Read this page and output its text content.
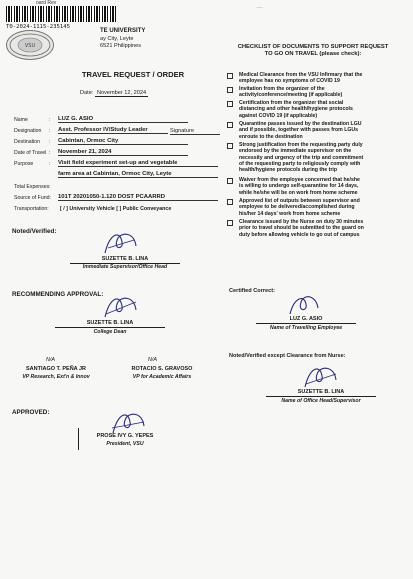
oard Rev
T0-2024-1115-235145
VSU
TE UNIVERSITY
ay City, Leyte
6521 Philippines
⌒
TRAVEL REQUEST / ORDER
Date: November 12, 2024
Name	: LUZ G. ASIO
Designation : Asst. Professor IV/Study Leader	Signature
Destination : Cabintan, Ormoc City
Date of Travel : November 21, 2024
Purpose	: Visit field experiment set-up and vegetable
farm area at Cabintan, Ormoc City, Leyte
Total Expenses:
Source of Fund: 101T 20201050-1.120 DOST PCAARRD
Transportation: [ / ] University Vehicle [ ] Public Conveyance
Noted/Verified:
SUZETTE B. LINA
Immediate Supervisor/Office Head
RECOMMENDING APPROVAL:
SUZETTE B. LINA
College Dean
N/A
SANTIAGO T. PEÑA JR
VP Research, Ext'n & Innov
N/A
ROTACIO S. GRAVOSO
VP for Academic Affairs
APPROVED:
PROSE IVY G. YEPES
President, VSU
CHECKLIST OF DOCUMENTS TO SUPPORT REQUEST
TO GO ON TRAVEL (please check):
Medical Clearance from the VSU Infirmary that the
employee has no symptoms of COVID 19
Invitation from the organizer of the
activity/conference/meeting (if applicable)
Certification from the organizer that social
distancing and other health/hygiene protocols
against COVID 19 (if applicable)
Quarantine passes issued by the destination LGU
and if possible, together with passes from LGUs
enroute to the destination
Strong justification from the requesting party duly
endorsed by the immediate supervisor on the
necessity and urgency of the trip and commitment
of the requesting party to religiously comply with
health/hygiene protocols during the trip
Waiver from the employee concerned that he/she
is willing to undergo self-quarantine for 14 days,
while he/she will be on work from home scheme
Approved list of outputs between supervisor and
employee to be delivered/accomplished during
his/her 14 days' work from home scheme
Clearance issued by the Nurse on duty 30 minutes
prior to travel should be submitted to the guard on
duty before allowing vehicle to go out of campus
Certified Correct:
LUZ G. ASIO
Name of Travelling Employee
Noted/Verified except Clearance from Nurse:
SUZETTE B. LINA
Name of Office Head/Supervisor
